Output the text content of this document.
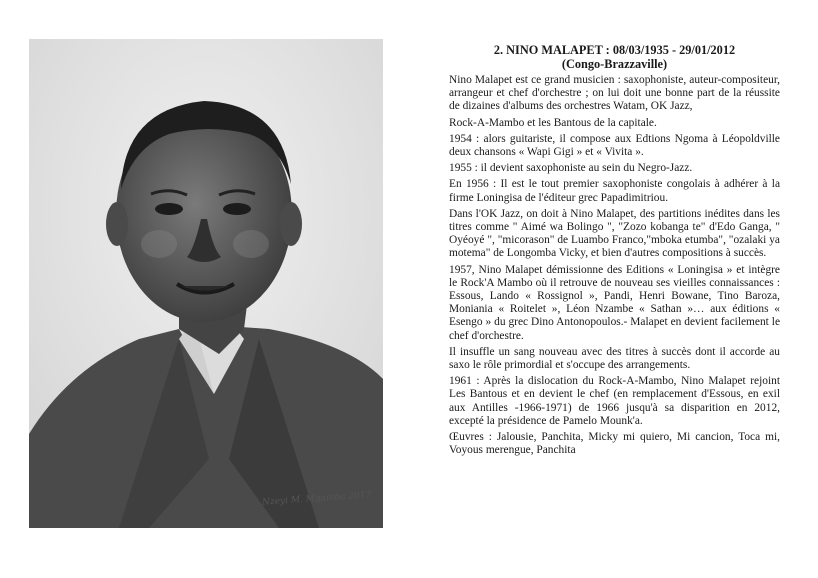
Nzeyi M. Mgamba 2017
2. NINO MALAPET : 08/03/1935 - 29/01/2012
(Congo-Brazzaville)

Nino Malapet est ce grand musicien : saxophoniste, auteur-compositeur, arrangeur et chef d'orchestre ; on lui doit une bonne part de la réussite de dizaines d'albums des orchestres Watam, OK Jazz,

Rock-A-Mambo et les Bantous de la capitale.

1954 : alors guitariste, il compose aux Edtions Ngoma à Léopoldville deux chansons « Wapi Gigi » et « Vivita ».

1955 : il devient saxophoniste au sein du Negro-Jazz.

En 1956 : Il est le tout premier saxophoniste congolais à adhérer à la firme Loningisa de l'éditeur grec Papadimitriou.

Dans l'OK Jazz, on doit à Nino Malapet, des partitions inédites dans les titres comme " Aimé wa Bolingo ", "Zozo kobanga te" d'Edo Ganga, " Oyéoyé ", "micorason" de Luambo Franco,"mboka etumba", "ozalaki ya motema" de Longomba Vicky, et bien d'autres compositions à succès.

1957, Nino Malapet démissionne des Editions « Loningisa » et intègre le Rock'A Mambo où il retrouve de nouveau ses vieilles connaissances : Essous, Lando « Rossignol », Pandi, Henri Bowane, Tino Baroza, Moniania « Roitelet », Léon Nzambe « Sathan »… aux éditions « Esengo » du grec Dino Antonopoulos.- Malapet en devient facilement le chef d'orchestre.

Il insuffle un sang nouveau avec des titres à succès dont il accorde au saxo le rôle primordial et s'occupe des arrangements.

1961 : Après la dislocation du Rock-A-Mambo, Nino Malapet rejoint Les Bantous et en devient le chef (en remplacement d'Essous, en exil aux Antilles -1966-1971) de 1966 jusqu'à sa disparition en 2012, excepté la présidence de Pamelo Mounk'a.

Œuvres : Jalousie, Panchita, Micky mi quiero, Mi cancion, Toca mi, Voyous merengue, Panchita
